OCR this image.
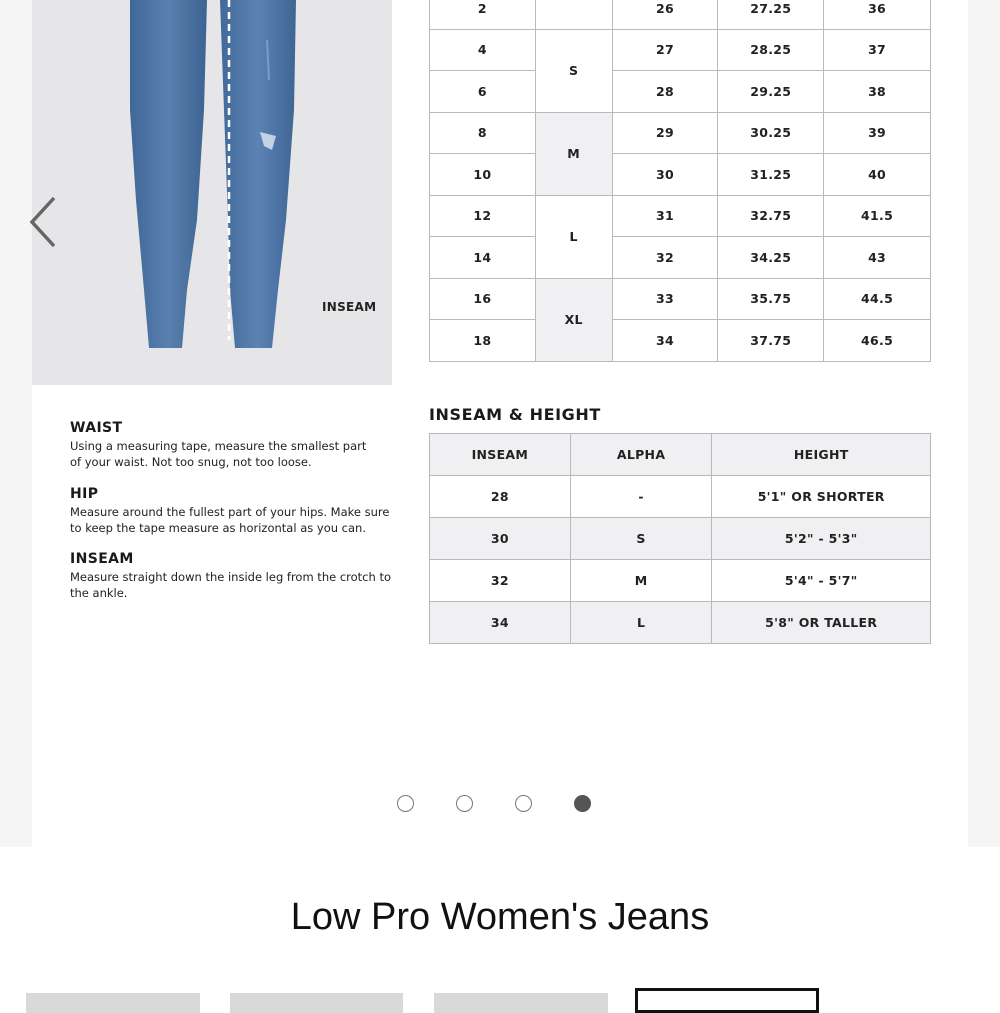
INSEAM
WAIST

Using a measuring tape, measure the smallest part of your waist. Not too snug, not too loose.

HIP

Measure around the fullest part of your hips. Make sure to keep the tape measure as horizontal as you can.

INSEAM

Measure straight down the inside leg from the crotch to the ankle.

2		26	27.25	36
4	S	27	28.25	37
6		28	29.25	38
8	M	29	30.25	39
10		30	31.25	40
12	L	31	32.75	41.5
14		32	34.25	43
16	XL	33	35.75	44.5
18		34	37.75	46.5
INSEAM & HEIGHT
INSEAM	ALPHA	HEIGHT
28	-	5'1" OR SHORTER
30	S	5'2" - 5'3"
32	M	5'4" - 5'7"
34	L	5'8" OR TALLER
Low Pro Women's Jeans
